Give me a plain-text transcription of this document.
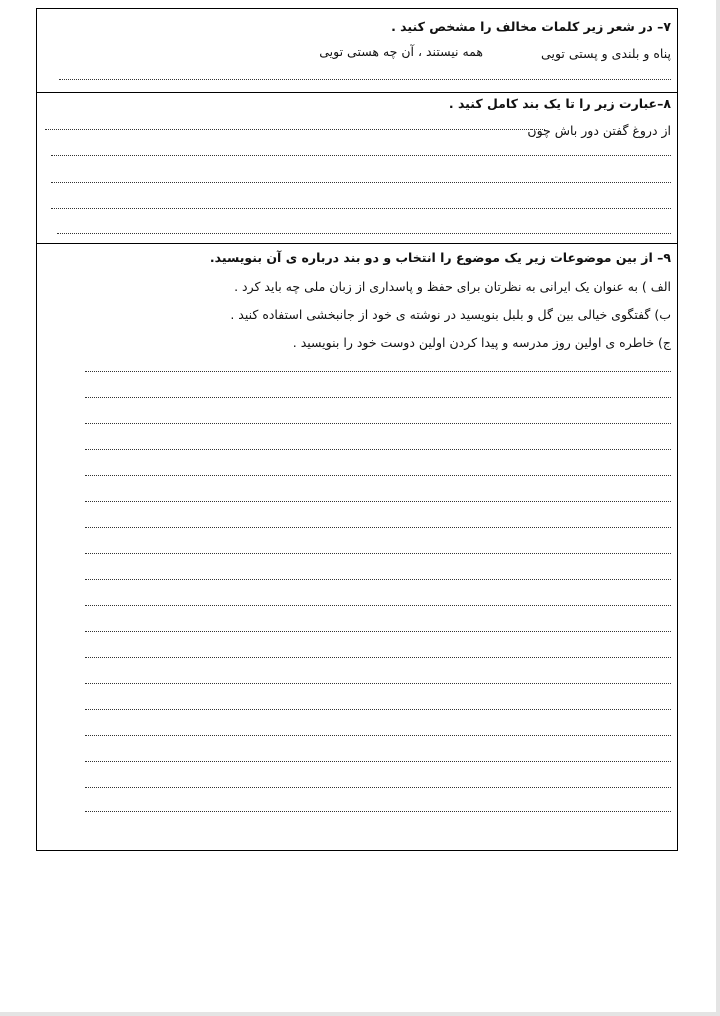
۷– در شعر زیر کلمات مخالف را مشخص کنید .
پناه و بلندی و پستی تویی
همه نیستند ، آن چه هستی تویی
۸–عبارت زیر را تا یک بند کامل کنید .
از دروغ گفتن دور باش چون
۹– از بین موضوعات زیر یک موضوع را انتخاب و دو بند درباره ی آن بنویسید.
الف ) به عنوان یک ایرانی به نظرتان برای حفظ و پاسداری از زبان ملی چه باید کرد .
ب) گفتگوی خیالی بین گل و بلبل بنویسید در نوشته ی خود از جانبخشی استفاده کنید .
ج) خاطره ی اولین روز مدرسه و پیدا کردن اولین دوست خود را بنویسید .
